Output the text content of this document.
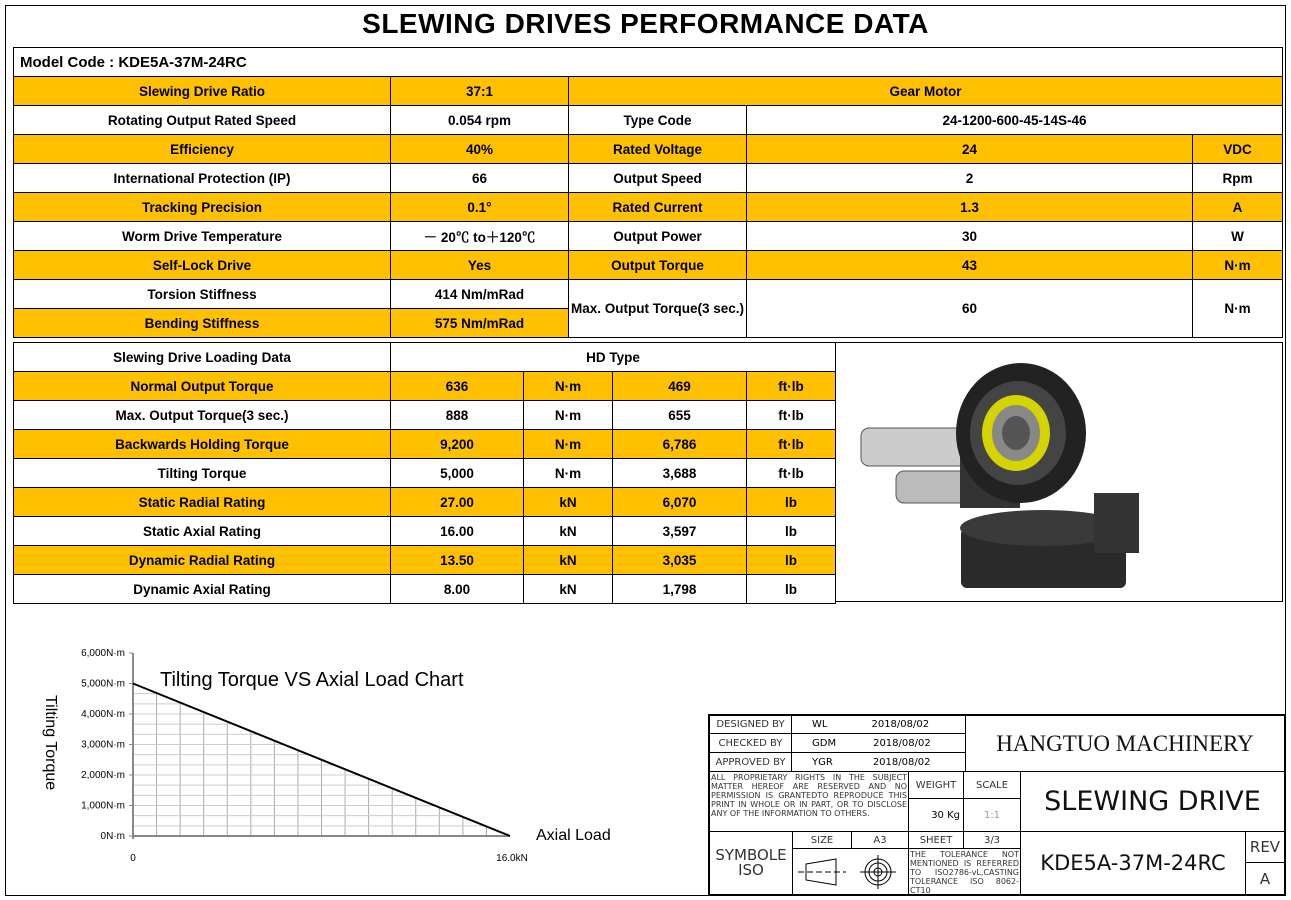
SLEWING DRIVES PERFORMANCE DATA
Model Code : KDE5A-37M-24RC				
Slewing Drive Ratio	37:1	Gear Motor		
Rotating Output Rated Speed	0.054 rpm	Type Code	24-1200-600-45-14S-46	
Efficiency	40%	Rated Voltage	24	VDC
International Protection (IP)	66	Output Speed	2	Rpm
Tracking Precision	0.1°	Rated Current	1.3	A
Worm Drive Temperature	－ 20℃ to＋120℃	Output Power	30	W
Self-Lock Drive	Yes	Output Torque	43	N·m
Torsion Stiffness	414 Nm/mRad	Max. Output Torque(3 sec.)	60	N·m
Bending Stiffness	575 Nm/mRad			
Slewing Drive Loading Data	HD Type			
Normal Output Torque	636	N·m	469	ft·lb
Max. Output Torque(3 sec.)	888	N·m	655	ft·lb
Backwards Holding Torque	9,200	N·m	6,786	ft·lb
Tilting Torque	5,000	N·m	3,688	ft·lb
Static Radial Rating	27.00	kN	6,070	lb
Static Axial Rating	16.00	kN	3,597	lb
Dynamic Radial Rating	13.50	kN	3,035	lb
Dynamic Axial Rating	8.00	kN	1,798	lb
0N·m
1,000N·m
2,000N·m
3,000N·m
4,000N·m
5,000N·m
6,000N·m
0	16.0kN
Tilting Torque VS Axial Load Chart
Axial Load
Tilting Torque	DESIGNED BY	WL	2018/08/02
CHECKED BY	GDM	2018/08/02
APPROVED BY	YGR	2018/08/02
HANGTUO MACHINERY
ALL PROPRIETARY RIGHTS IN THE SUBJECT MATTER HEREOF ARE RESERVED AND NO PERMISSION IS GRANTEDTO REPRODUCE THIS PRINT IN WHOLE OR IN PART, OR TO DISCLOSE ANY OF THE INFORMATION TO OTHERS.
WEIGHT	SCALE
30 Kg	1:1	SLEWING DRIVE
SYMBOLE ISO
SIZE	A3	SHEET	3/3
THE TOLERANCE NOT MENTIONED IS REFERRED TO ISO2786-vL,CASTING TOLERANCE ISO 8062-CT10
KDE5A-37M-24RC
REV
A
